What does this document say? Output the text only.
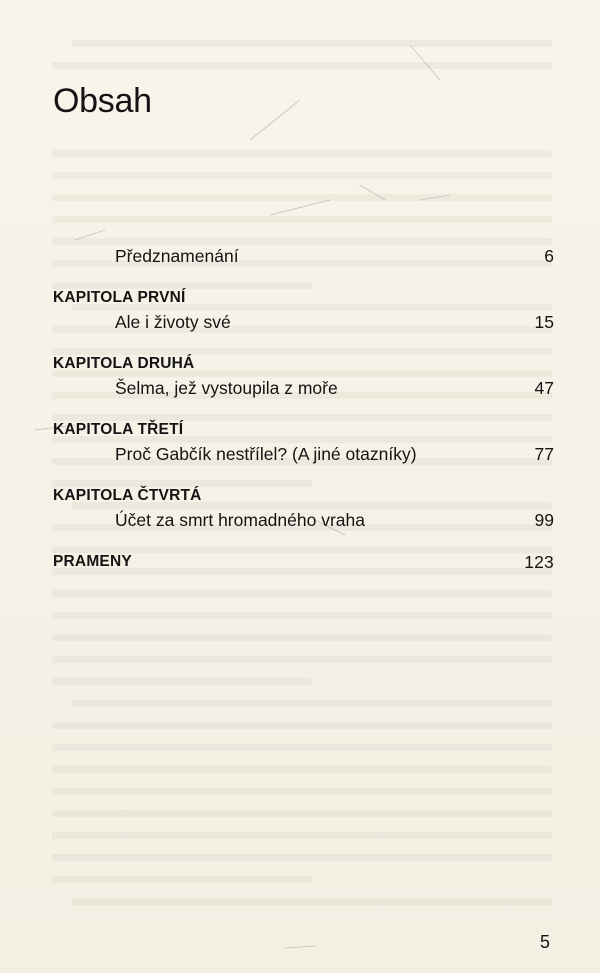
Obsah
Předznamenání	6
KAPITOLA PRVNÍ
Ale i životy své	15
KAPITOLA DRUHÁ
Šelma, jež vystoupila z moře	47
KAPITOLA TŘETÍ
Proč Gabčík nestřílel? (A jiné otazníky)	77
KAPITOLA ČTVRTÁ
Účet za smrt hromadného vraha	99
PRAMENY	123
5
